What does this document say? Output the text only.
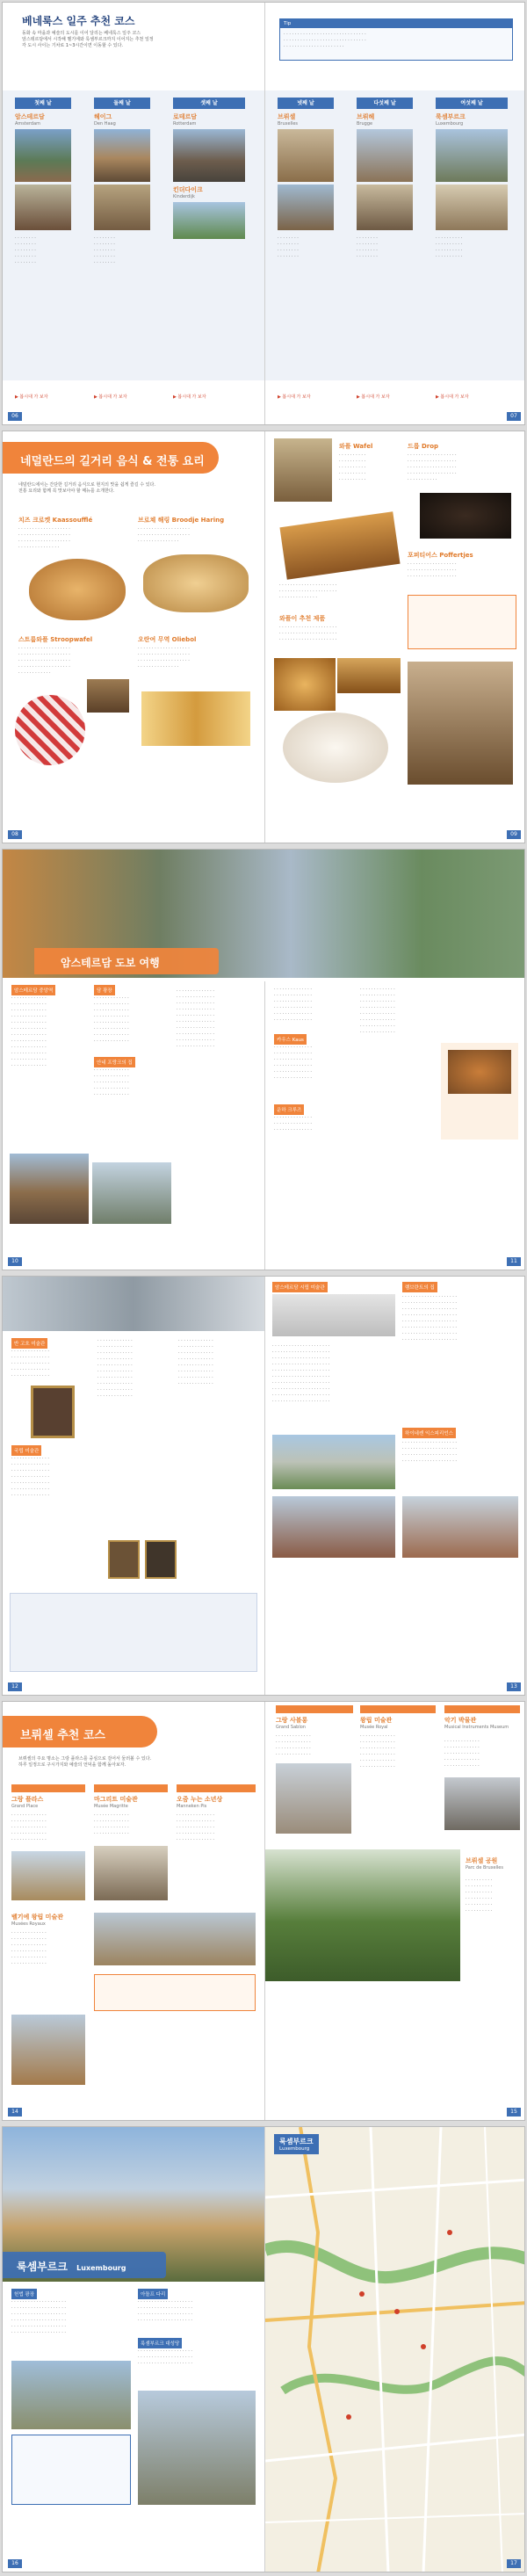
베네룩스 일주 추천 코스
동화 속 마을과 예술의 도시를 이어 달리는 베네룩스 일주 코스
암스테르담에서 시작해 벨기에와 룩셈부르크까지 이어지는 추천 일정
각 도시 사이는 기차로 1~3시간이면 이동할 수 있다.
첫째 날
암스테르담
Amsterdam
· · · · · · · ·
· · · · · · · ·
· · · · · · · ·
· · · · · · · ·
· · · · · · · ·
▶ 봅시대 가 보자
둘째 날
헤이그
Den Haag
· · · · · · · ·
· · · · · · · ·
· · · · · · · ·
· · · · · · · ·
· · · · · · · ·
▶ 봅시대 가 보자
셋째 날
로테르담
Rotterdam
킨더다이크
Kinderdijk
▶ 봅시대 가 보자
06
Tip
· · · · · · · · · · · · · · · · · · · · · · · · · · · · · ·
· · · · · · · · · · · · · · · · · · · · · · · · · · · · · ·
· · · · · · · · · · · · · · · · · · · · · ·
넷째 날
브뤼셀
Bruxelles
· · · · · · · ·
· · · · · · · ·
· · · · · · · ·
· · · · · · · ·
▶ 봅시대 가 보자
다섯째 날
브뤼헤
Brugge
· · · · · · · ·
· · · · · · · ·
· · · · · · · ·
· · · · · · · ·
▶ 봅시대 가 보자
여섯째 날
룩셈부르크
Luxembourg
· · · · · · · · · ·
· · · · · · · · · ·
· · · · · · · · · ·
· · · · · · · · · ·
▶ 봅시대 가 보자
07
네덜란드의 길거리 음식 & 전통 요리
네덜란드에서는 간단한 길거리 음식으로 현지의 맛을 쉽게 즐길 수 있다.
전통 요리와 함께 꼭 맛보아야 할 메뉴를 소개한다.
치즈 크로켓 Kaassoufflé
· · · · · · · · · · · · · · · · · · ·
· · · · · · · · · · · · · · · · · · ·
· · · · · · · · · · · · · · · · · · ·
· · · · · · · · · · · · · · ·
브로쳬 해링 Broodje Haring
· · · · · · · · · · · · · · · · · · ·
· · · · · · · · · · · · · · · · · · ·
· · · · · · · · · · · · · · ·
스트룹와플 Stroopwafel
· · · · · · · · · · · · · · · · · · ·
· · · · · · · · · · · · · · · · · · ·
· · · · · · · · · · · · · · · · · · ·
· · · · · · · · · · · · · · · · · · ·
· · · · · · · · · · · ·
오란여 무역 Oliebol
· · · · · · · · · · · · · · · · · · ·
· · · · · · · · · · · · · · · · · · ·
· · · · · · · · · · · · · · · · · · ·
· · · · · · · · · · · · · · ·
08
와플 Wafel
· · · · · · · · · ·
· · · · · · · · · ·
· · · · · · · · · ·
· · · · · · · · · ·
· · · · · · · · · ·
· · · · · · · · · · · · · · · · · · · · ·
· · · · · · · · · · · · · · · · · · · · ·
· · · · · · · · · · · · · ·
드롭 Drop
· · · · · · · · · · · · · · · · · ·
· · · · · · · · · · · · · · · · · ·
· · · · · · · · · · · · · · · · · ·
· · · · · · · · · · · · · · · · · ·
· · · · · · · · · · ·
포퍼티어스 Poffertjes
· · · · · · · · · · · · · · · · · ·
· · · · · · · · · · · · · · · · · ·
· · · · · · · · · · · · · · · · · ·
와플이 추천 제품
· · · · · · · · · · · · · · · · · · · · ·
· · · · · · · · · · · · · · · · · · · · ·
· · · · · · · · · · · · · · · · · · · · ·
09
암스테르담 도보 여행
암스테르담 중앙역
· · · · · · · · · · · · ·
· · · · · · · · · · · · ·
· · · · · · · · · · · · ·
· · · · · · · · · · · · ·
· · · · · · · · · · · · ·
· · · · · · · · · · · · ·
· · · · · · · · · · · · ·
· · · · · · · · · · · · ·
· · · · · · · · · · · · ·
· · · · · · · · · · · · ·
· · · · · · · · · · · · ·
· · · · · · · · · · · · ·
담 광장
· · · · · · · · · · · · ·
· · · · · · · · · · · · ·
· · · · · · · · · · · · ·
· · · · · · · · · · · · ·
· · · · · · · · · · · · ·
· · · · · · · · · · · · ·
· · · · · · · · · · · · ·
· · · · · · · · · · · · ·
안네 프랑크의 집
· · · · · · · · · · · · ·
· · · · · · · · · · · · ·
· · · · · · · · · · · · ·
· · · · · · · · · · · · ·
· · · · · · · · · · · · ·
· · · · · · · · · · · · · ·
· · · · · · · · · · · · · ·
· · · · · · · · · · · · · ·
· · · · · · · · · · · · · ·
· · · · · · · · · · · · · ·
· · · · · · · · · · · · · ·
· · · · · · · · · · · · · ·
· · · · · · · · · · · · · ·
· · · · · · · · · · · · · ·
· · · · · · · · · · · · · ·
10
· · · · · · · · · · · · · ·
· · · · · · · · · · · · · ·
· · · · · · · · · · · · · ·
· · · · · · · · · · · · · ·
· · · · · · · · · · · · · ·
· · · · · · · · · · · · · ·
카우스 Kaus
· · · · · · · · · · · · · ·
· · · · · · · · · · · · · ·
· · · · · · · · · · · · · ·
· · · · · · · · · · · · · ·
· · · · · · · · · · · · · ·
· · · · · · · · · · · · · ·
운하 크루즈
· · · · · · · · · · · · · ·
· · · · · · · · · · · · · ·
· · · · · · · · · · · · · ·
· · · · · · · · · · · · ·
· · · · · · · · · · · · ·
· · · · · · · · · · · · ·
· · · · · · · · · · · · ·
· · · · · · · · · · · · ·
· · · · · · · · · · · · ·
· · · · · · · · · · · · ·
· · · · · · · · · · · · ·
11
반 고흐 미술관
· · · · · · · · · · · · · ·
· · · · · · · · · · · · · ·
· · · · · · · · · · · · · ·
· · · · · · · · · · · · · ·
· · · · · · · · · · · · · ·
국립 미술관
· · · · · · · · · · · · · ·
· · · · · · · · · · · · · ·
· · · · · · · · · · · · · ·
· · · · · · · · · · · · · ·
· · · · · · · · · · · · · ·
· · · · · · · · · · · · · ·
· · · · · · · · · · · · · ·
· · · · · · · · · · · · ·
· · · · · · · · · · · · ·
· · · · · · · · · · · · ·
· · · · · · · · · · · · ·
· · · · · · · · · · · · ·
· · · · · · · · · · · · ·
· · · · · · · · · · · · ·
· · · · · · · · · · · · ·
· · · · · · · · · · · · ·
· · · · · · · · · · · · ·
· · · · · · · · · · · · ·
· · · · · · · · · · · · ·
· · · · · · · · · · · · ·
· · · · · · · · · · · · ·
· · · · · · · · · · · · ·
· · · · · · · · · · · · ·
· · · · · · · · · · · · ·
· · · · · · · · · · · · ·
12
암스테르담 시립 미술관
· · · · · · · · · · · · · · · · · · · · ·
· · · · · · · · · · · · · · · · · · · · ·
· · · · · · · · · · · · · · · · · · · · ·
· · · · · · · · · · · · · · · · · · · · ·
· · · · · · · · · · · · · · · · · · · · ·
· · · · · · · · · · · · · · · · · · · · ·
· · · · · · · · · · · · · · · · · · · · ·
· · · · · · · · · · · · · · · · · · · · ·
· · · · · · · · · · · · · · · · · · · · ·
· · · · · · · · · · · · · · · · · · · · ·
렘브란트의 집
· · · · · · · · · · · · · · · · · · · ·
· · · · · · · · · · · · · · · · · · · ·
· · · · · · · · · · · · · · · · · · · ·
· · · · · · · · · · · · · · · · · · · ·
· · · · · · · · · · · · · · · · · · · ·
· · · · · · · · · · · · · · · · · · · ·
· · · · · · · · · · · · · · · · · · · ·
· · · · · · · · · · · · · · · · · · · ·
하이네켄 익스피리언스
· · · · · · · · · · · · · · · · · · · ·
· · · · · · · · · · · · · · · · · · · ·
· · · · · · · · · · · · · · · · · · · ·
· · · · · · · · · · · · · · · · · · · ·
13
브뤼셀 추천 코스
브뤼셀의 주요 명소는 그랑 플라스를 중심으로 걸어서 둘러볼 수 있다.
하루 일정으로 구시가지와 예술의 언덕을 함께 돌아보자.
그랑 플라스
Grand Place
· · · · · · · · · · · · ·
· · · · · · · · · · · · ·
· · · · · · · · · · · · ·
· · · · · · · · · · · · ·
· · · · · · · · · · · · ·
마그리트 미술관
Musée Magritte
· · · · · · · · · · · · ·
· · · · · · · · · · · · ·
· · · · · · · · · · · · ·
· · · · · · · · · · · · ·
오줌 누는 소년상
Manneken Pis
· · · · · · · · · · · · · ·
· · · · · · · · · · · · · ·
· · · · · · · · · · · · · ·
· · · · · · · · · · · · · ·
· · · · · · · · · · · · · ·
벨기에 왕립 미술관
Musées Royaux
· · · · · · · · · · · · ·
· · · · · · · · · · · · ·
· · · · · · · · · · · · ·
· · · · · · · · · · · · ·
· · · · · · · · · · · · ·
· · · · · · · · · · · · ·
14
그랑 사블롱
Grand Sablon
· · · · · · · · · · · · ·
· · · · · · · · · · · · ·
· · · · · · · · · · · · ·
· · · · · · · · · · · · ·
왕립 미술관
Musée Royal
· · · · · · · · · · · · ·
· · · · · · · · · · · · ·
· · · · · · · · · · · · ·
· · · · · · · · · · · · ·
· · · · · · · · · · · · ·
· · · · · · · · · · · · ·
악기 박물관
Musical Instruments Museum
· · · · · · · · · · · · ·
· · · · · · · · · · · · ·
· · · · · · · · · · · · ·
· · · · · · · · · · · · ·
· · · · · · · · · · · · ·
브뤼셀 공원
Parc de Bruxelles
· · · · · · · · · ·
· · · · · · · · · ·
· · · · · · · · · ·
· · · · · · · · · ·
· · · · · · · · · ·
· · · · · · · · · ·
15
룩셈부르크 Luxembourg
헌법 광장
· · · · · · · · · · · · · · · · · · · ·
· · · · · · · · · · · · · · · · · · · ·
· · · · · · · · · · · · · · · · · · · ·
· · · · · · · · · · · · · · · · · · · ·
· · · · · · · · · · · · · · · · · · · ·
· · · · · · · · · · · · · · · · · · · ·
아돌프 다리
· · · · · · · · · · · · · · · · · · · ·
· · · · · · · · · · · · · · · · · · · ·
· · · · · · · · · · · · · · · · · · · ·
· · · · · · · · · · · · · · · · · · · ·
룩셈부르크 대성당
· · · · · · · · · · · · · · · · · · · ·
· · · · · · · · · · · · · · · · · · · ·
· · · · · · · · · · · · · · · · · · · ·
16
룩셈부르크
Luxembourg
17
